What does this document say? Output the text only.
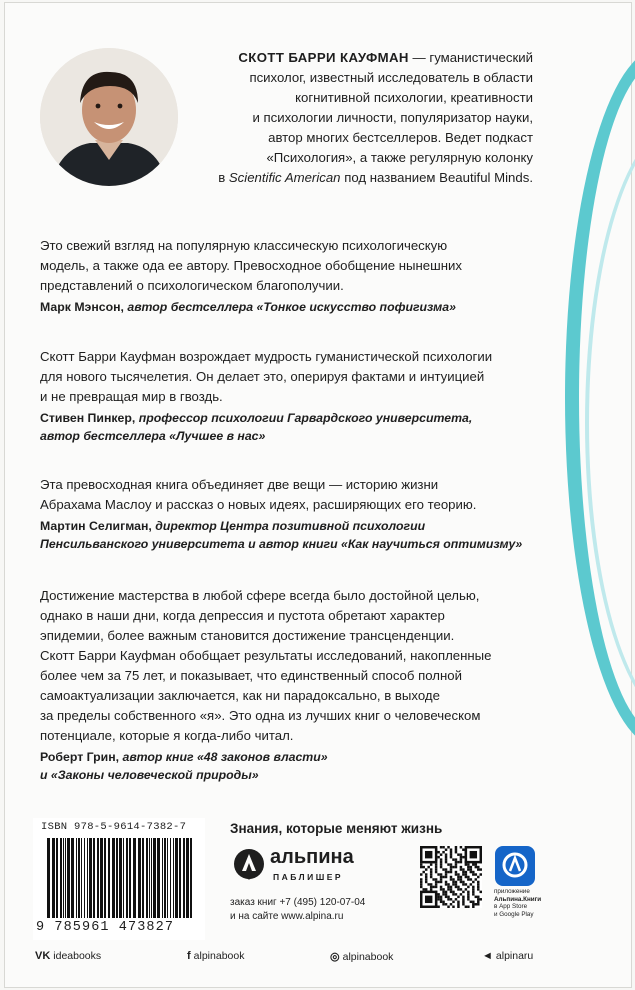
СКОТТ БАРРИ КАУФМАН — гуманистический
психолог, известный исследователь в области
когнитивной психологии, креативности
и психологии личности, популяризатор науки,
автор многих бестселлеров. Ведет подкаст
«Психология», а также регулярную колонку
в Scientific American под названием Beautiful Minds.
Это свежий взгляд на популярную классическую психологическую
модель, а также ода ее автору. Превосходное обобщение нынешних
представлений о психологическом благополучии.
Марк Мэнсон, автор бестселлера «Тонкое искусство пофигизма»
Скотт Барри Кауфман возрождает мудрость гуманистической психологии
для нового тысячелетия. Он делает это, оперируя фактами и интуицией
и не превращая мир в гвоздь.
Стивен Пинкер, профессор психологии Гарвардского университета,
автор бестселлера «Лучшее в нас»
Эта превосходная книга объединяет две вещи — историю жизни
Абрахама Маслоу и рассказ о новых идеях, расширяющих его теорию.
Мартин Селигман, директор Центра позитивной психологии
Пенсильванского университета и автор книги «Как научиться оптимизму»
Достижение мастерства в любой сфере всегда было достойной целью,
однако в наши дни, когда депрессия и пустота обретают характер
эпидемии, более важным становится достижение трансценденции.
Скотт Барри Кауфман обобщает результаты исследований, накопленные
более чем за 75 лет, и показывает, что единственный способ полной
самоактуализации заключается, как ни парадоксально, в выходе
за пределы собственного «я». Это одна из лучших книг о человеческом
потенциале, которые я когда-либо читал.
Роберт Грин, автор книг «48 законов власти»
и «Законы человеческой природы»
ISBN 978-5-9614-7382-7
9 785961 473827
Знания, которые меняют жизнь
альпина
ПАБЛИШЕР
заказ книг +7 (495) 120-07-04
и на сайте www.alpina.ru
приложение
Альпина.Книги
в App Store
и Google Play
VK ideabooks	f alpinabook	◎ alpinabook	◄ alpinaru
